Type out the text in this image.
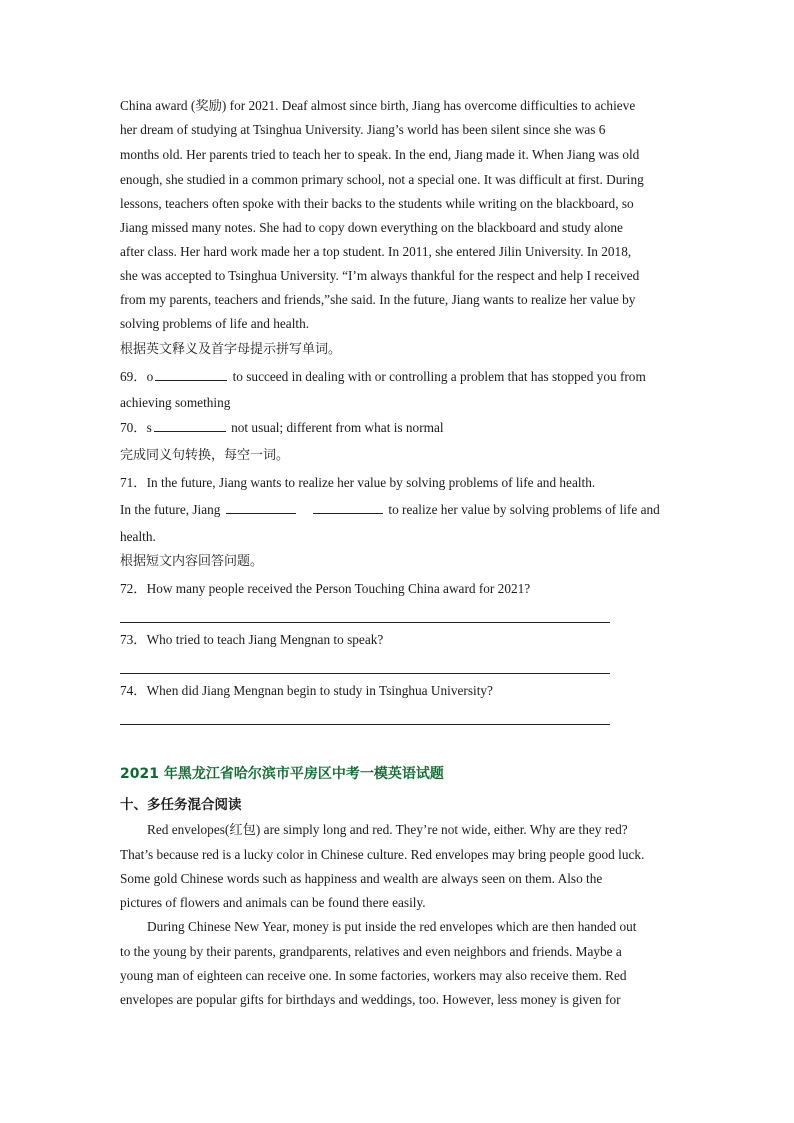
China award (奖励) for 2021. Deaf almost since birth, Jiang has overcome difficulties to achieve
her dream of studying at Tsinghua University. Jiang’s world has been silent since she was 6
months old. Her parents tried to teach her to speak. In the end, Jiang made it. When Jiang was old
enough, she studied in a common primary school, not a special one. It was difficult at first. During
lessons, teachers often spoke with their backs to the students while writing on the blackboard, so
Jiang missed many notes. She had to copy down everything on the blackboard and study alone
after class. Her hard work made her a top student. In 2011, she entered Jilin University. In 2018,
she was accepted to Tsinghua University. “I’m always thankful for the respect and help I received
from my parents, teachers and friends,”she said. In the future, Jiang wants to realize her value by
solving problems of life and health.
根据英文释义及首字母提示拼写单词。
69．o	to succeed in dealing with or controlling a problem that has stopped you from
achieving something
70．s	not usual; different from what is normal
完成同义句转换，每空一词。
71．In the future, Jiang wants to realize her value by solving problems of life and health.
In the future, Jiang	to realize her value by solving problems of life and
health.
根据短文内容回答问题。
72．How many people received the Person Touching China award for 2021?
73．Who tried to teach Jiang Mengnan to speak?
74．When did Jiang Mengnan begin to study in Tsinghua University?
2021 年黑龙江省哈尔滨市平房区中考一模英语试题
十、多任务混合阅读
Red envelopes(红包) are simply long and red. They’re not wide, either. Why are they red?
That’s because red is a lucky color in Chinese culture. Red envelopes may bring people good luck.
Some gold Chinese words such as happiness and wealth are always seen on them. Also the
pictures of flowers and animals can be found there easily.
During Chinese New Year, money is put inside the red envelopes which are then handed out
to the young by their parents, grandparents, relatives and even neighbors and friends. Maybe a
young man of eighteen can receive one. In some factories, workers may also receive them. Red
envelopes are popular gifts for birthdays and weddings, too. However, less money is given for
